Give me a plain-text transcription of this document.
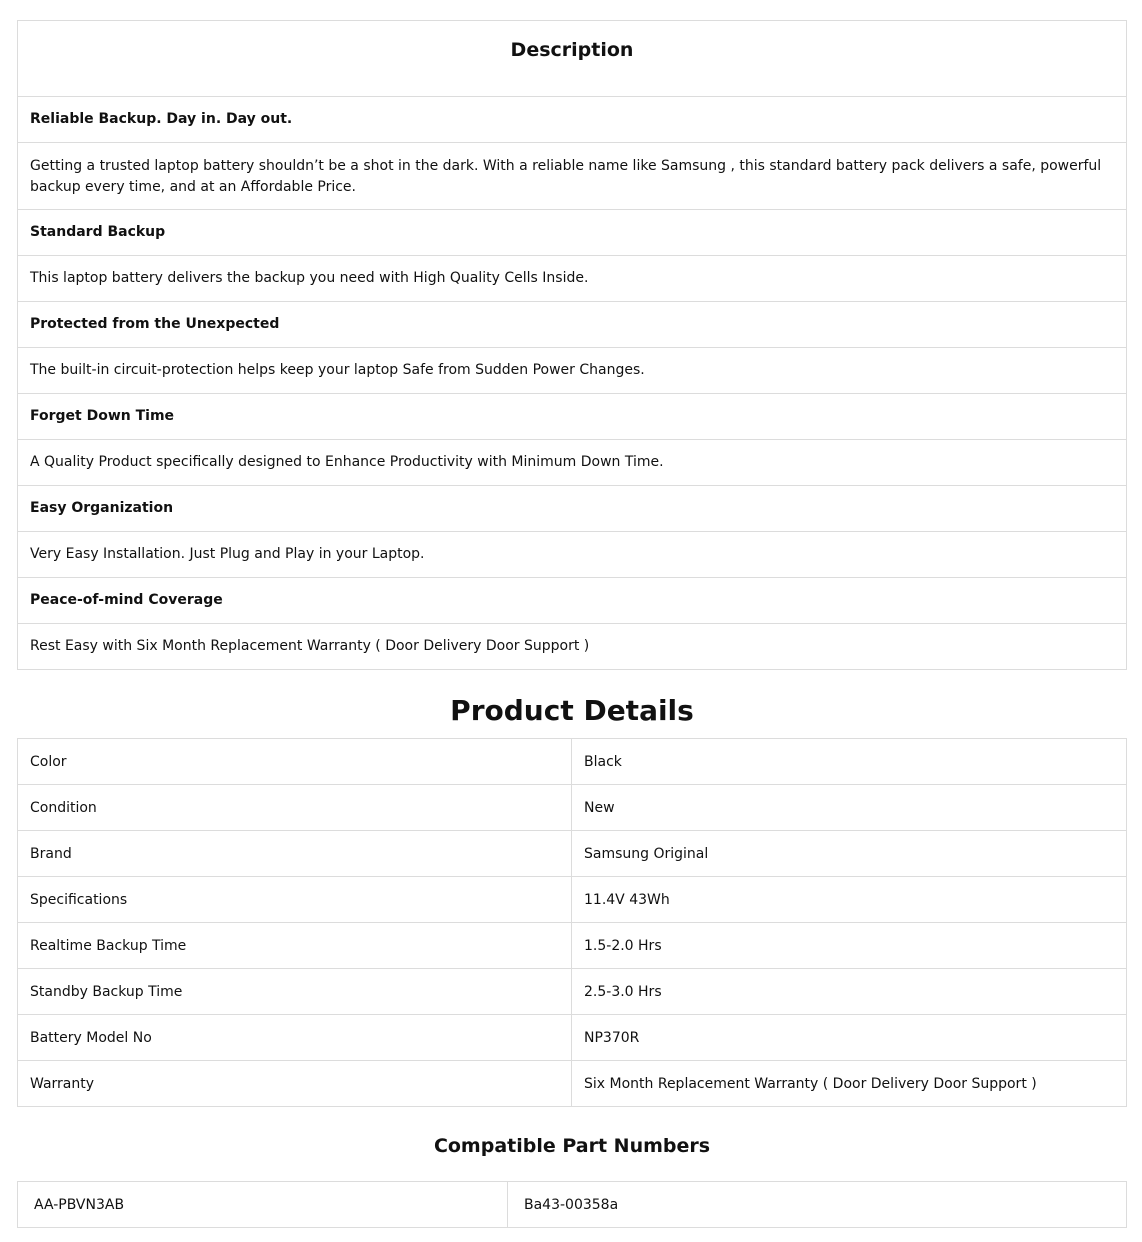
Description
Reliable Backup. Day in. Day out.
Getting a trusted laptop battery shouldn’t be a shot in the dark. With a reliable name like Samsung , this standard battery pack delivers a safe, powerful backup every time, and at an Affordable Price.
Standard Backup
This laptop battery delivers the backup you need with High Quality Cells Inside.
Protected from the Unexpected
The built-in circuit-protection helps keep your laptop Safe from Sudden Power Changes.
Forget Down Time
A Quality Product specifically designed to Enhance Productivity with Minimum Down Time.
Easy Organization
Very Easy Installation. Just Plug and Play in your Laptop.
Peace-of-mind Coverage
Rest Easy with Six Month Replacement Warranty ( Door Delivery Door Support )
Product Details
Color	Black
Condition	New
Brand	Samsung Original
Specifications	11.4V 43Wh
Realtime Backup Time	1.5-2.0 Hrs
Standby Backup Time	2.5-3.0 Hrs
Battery Model No	NP370R
Warranty	Six Month Replacement Warranty ( Door Delivery Door Support )
Compatible Part Numbers
AA-PBVN3AB	Ba43-00358a
